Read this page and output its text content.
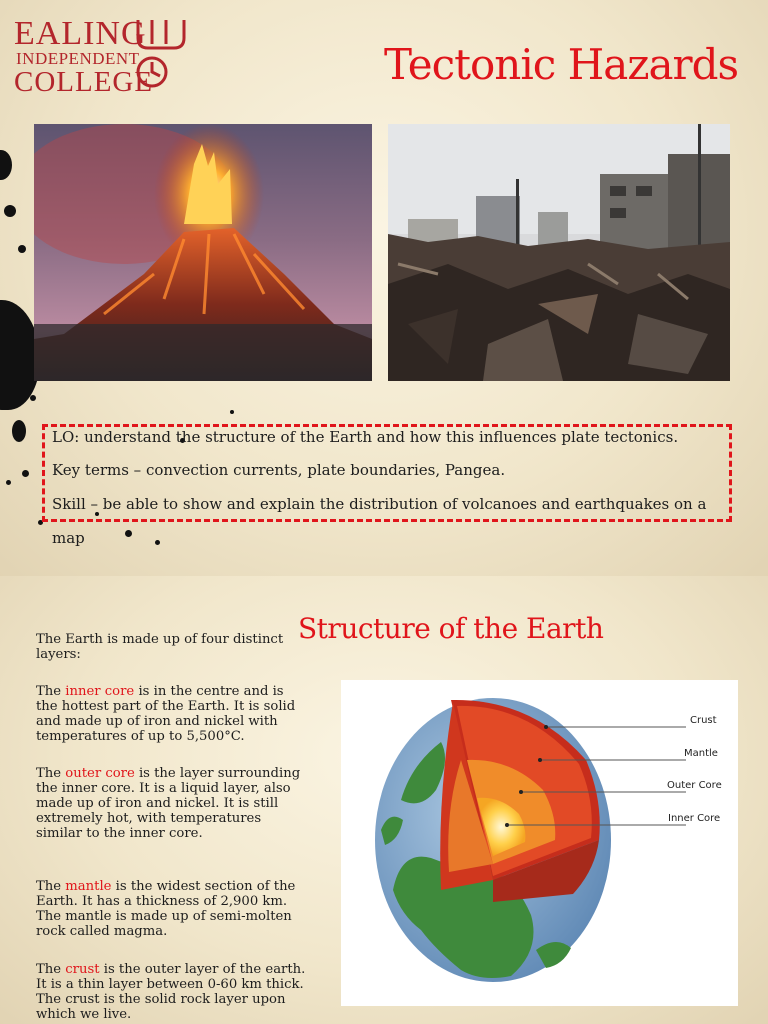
EALING
INDEPENDENT
COLLEGE	Tectonic Hazards
LO: understand the structure of the Earth and how this influences plate tectonics.
Key terms – convection currents, plate boundaries, Pangea.
Skill – be able to show and explain the distribution of volcanoes and earthquakes on a
map
Structure of the Earth
The Earth is made up of four distinct layers:
The inner core is in the centre and is the hottest part of the Earth. It is solid and made up of iron and nickel with temperatures of up to 5,500°C.
The outer core is the layer surrounding the inner core. It is a liquid layer, also made up of iron and nickel. It is still extremely hot, with temperatures similar to the inner core.
The mantle is the widest section of the Earth. It has a thickness of 2,900 km. The mantle is made up of semi-molten rock called magma.
The crust is the outer layer of the earth. It is a thin layer between 0-60 km thick. The crust is the solid rock layer upon which we live.
Crust
Mantle
Outer Core
Inner Core
